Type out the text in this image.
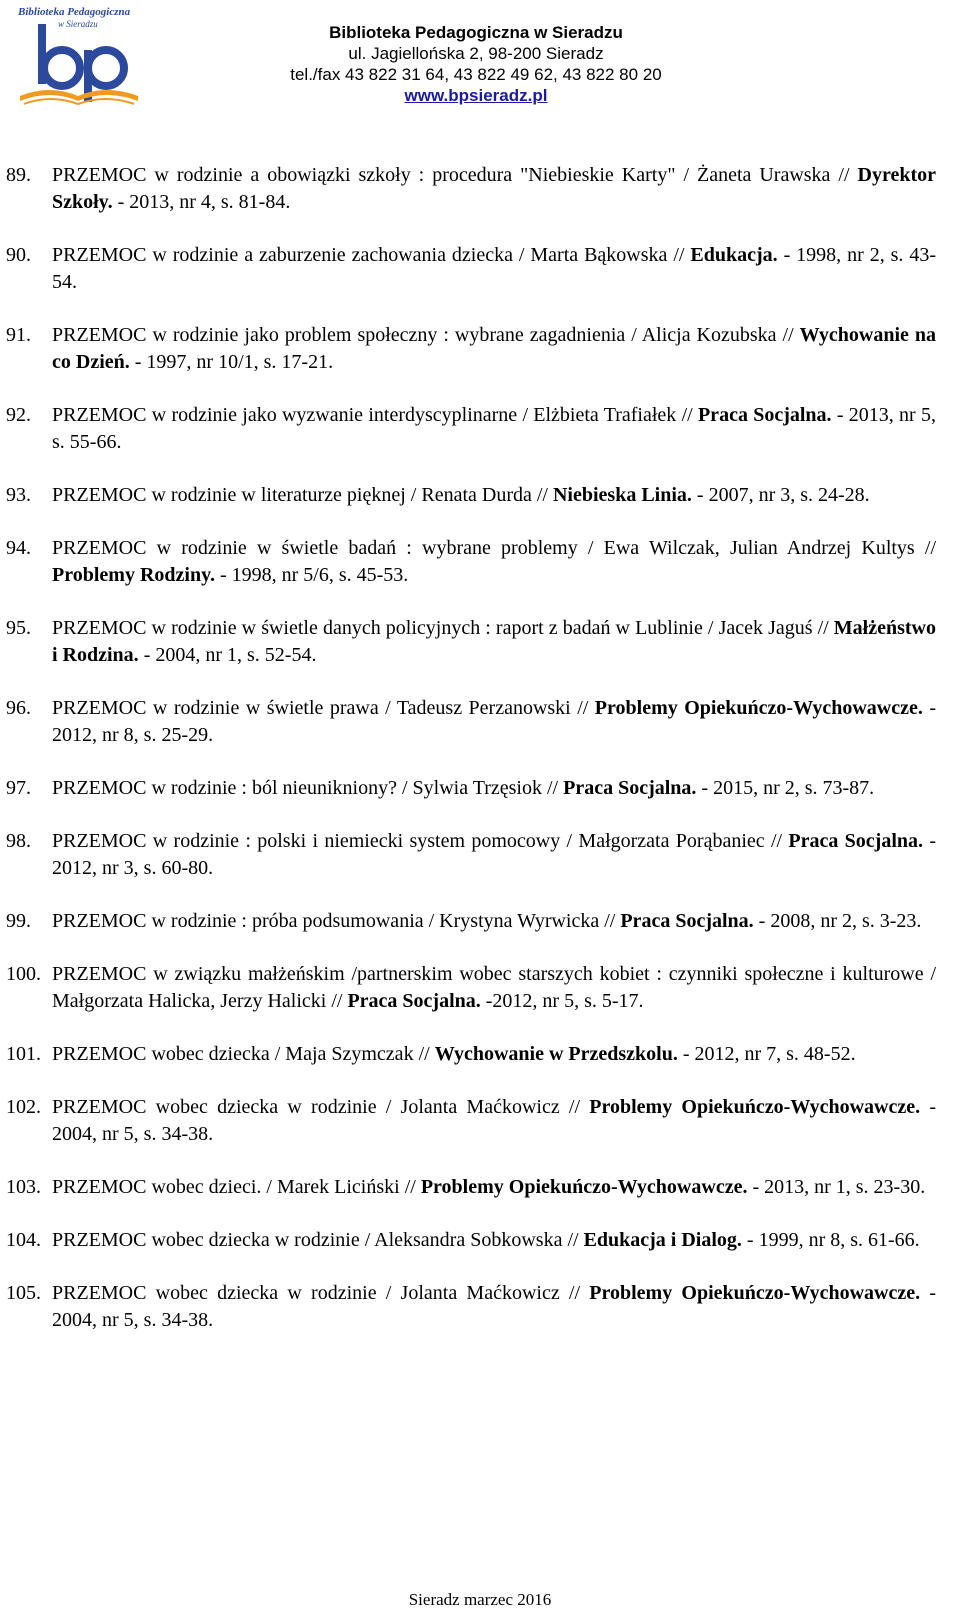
Biblioteka Pedagogiczna
w Sieradzu	Biblioteka Pedagogiczna w Sieradzu
ul. Jagiellońska 2, 98-200 Sieradz
tel./fax 43 822 31 64, 43 822 49 62, 43 822 80 20
www.bpsieradz.pl
89. PRZEMOC w rodzinie a obowiązki szkoły : procedura "Niebieskie Karty" / Żaneta Urawska // Dyrektor Szkoły. - 2013, nr 4, s. 81-84.
90. PRZEMOC w rodzinie a zaburzenie zachowania dziecka / Marta Bąkowska // Edukacja. - 1998, nr 2, s. 43-54.
91. PRZEMOC w rodzinie jako problem społeczny : wybrane zagadnienia / Alicja Kozubska // Wychowanie na co Dzień. - 1997, nr 10/1, s. 17-21.
92. PRZEMOC w rodzinie jako wyzwanie interdyscyplinarne / Elżbieta Trafiałek // Praca Socjalna. - 2013, nr 5, s. 55-66.
93. PRZEMOC w rodzinie w literaturze pięknej / Renata Durda // Niebieska Linia. - 2007, nr 3, s. 24-28.
94. PRZEMOC w rodzinie w świetle badań : wybrane problemy / Ewa Wilczak, Julian Andrzej Kultys // Problemy Rodziny. - 1998, nr 5/6, s. 45-53.
95. PRZEMOC w rodzinie w świetle danych policyjnych : raport z badań w Lublinie / Jacek Jaguś // Małżeństwo i Rodzina. - 2004, nr 1, s. 52-54.
96. PRZEMOC w rodzinie w świetle prawa / Tadeusz Perzanowski // Problemy Opiekuńczo-Wychowawcze. - 2012, nr 8, s. 25-29.
97. PRZEMOC w rodzinie : ból nieunikniony? / Sylwia Trzęsiok // Praca Socjalna. - 2015, nr 2, s. 73-87.
98. PRZEMOC w rodzinie : polski i niemiecki system pomocowy / Małgorzata Porąbaniec // Praca Socjalna. - 2012, nr 3, s. 60-80.
99. PRZEMOC w rodzinie : próba podsumowania / Krystyna Wyrwicka // Praca Socjalna. - 2008, nr 2, s. 3-23.
100. PRZEMOC w związku małżeńskim /partnerskim wobec starszych kobiet : czynniki społeczne i kulturowe / Małgorzata Halicka, Jerzy Halicki // Praca Socjalna. -2012, nr 5, s. 5-17.
101. PRZEMOC wobec dziecka / Maja Szymczak // Wychowanie w Przedszkolu. - 2012, nr 7, s. 48-52.
102. PRZEMOC wobec dziecka w rodzinie / Jolanta Maćkowicz // Problemy Opiekuńczo-Wychowawcze. - 2004, nr 5, s. 34-38.
103. PRZEMOC wobec dzieci. / Marek Liciński // Problemy Opiekuńczo-Wychowawcze. - 2013, nr 1, s. 23-30.
104. PRZEMOC wobec dziecka w rodzinie / Aleksandra Sobkowska // Edukacja i Dialog. - 1999, nr 8, s. 61-66.
105. PRZEMOC wobec dziecka w rodzinie / Jolanta Maćkowicz // Problemy Opiekuńczo-Wychowawcze. - 2004, nr 5, s. 34-38.
Sieradz marzec 2016
